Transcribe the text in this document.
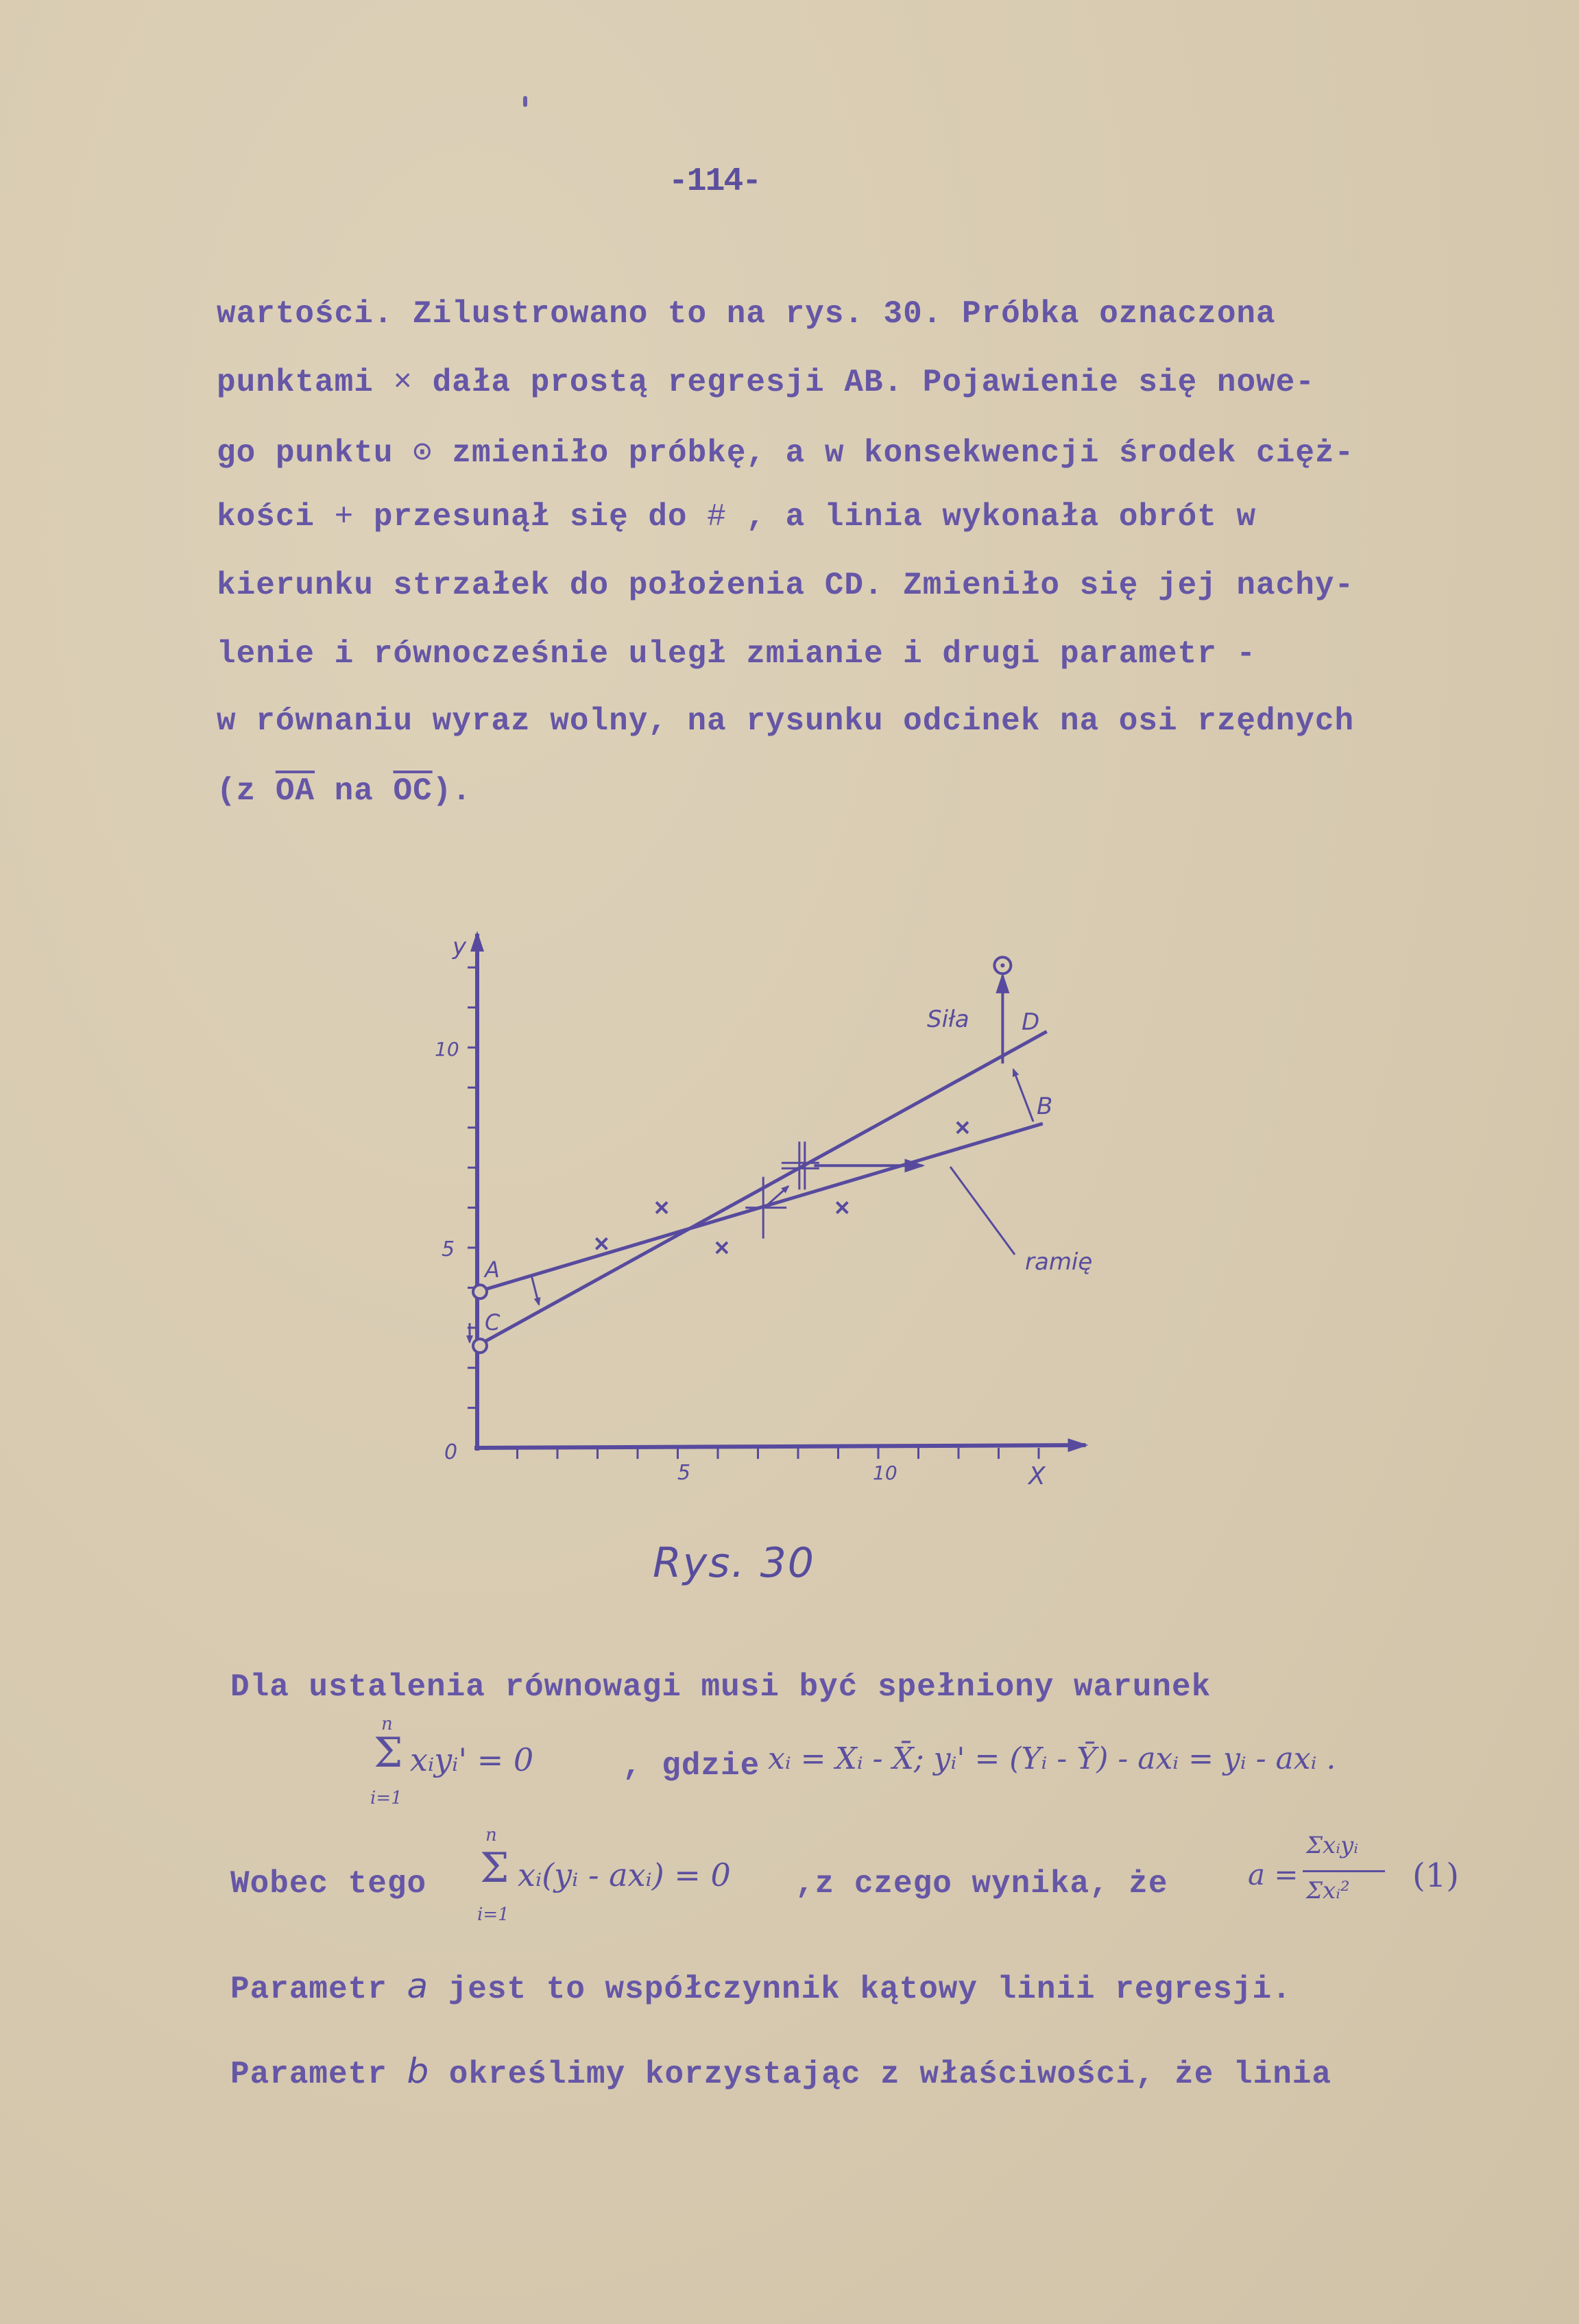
-114-
wartości. Zilustrowano to na rys. 30. Próbka oznaczona
punktami × dała prostą regresji AB. Pojawienie się nowe-
go punktu ⊙ zmieniło próbkę, a w konsekwencji środek cięż-
kości + przesunął się do # , a linia wykonała obrót w
kierunku strzałek do położenia CD. Zmieniło się jej nachy-
lenie i równocześnie uległ zmianie i drugi parametr -
w równaniu wyraz wolny, na rysunku odcinek na osi rzędnych
(z $\overline{OA}$ na $\overline{OC}$).
y
X
A
C
B
D
Siła
ramię
0
5
10
5	10
Rys. 30
Dla ustalenia równowagi musi być spełniony warunek
Σ
n
i=1
xᵢyᵢ' = 0	, gdzie xᵢ = Xᵢ - X̄; yᵢ' = (Yᵢ - Ȳ) - axᵢ = yᵢ - axᵢ .
Wobec tego Σ
n
i=1
xᵢ(yᵢ - axᵢ) = 0 ,z czego wynika, że	a =
Σxᵢyᵢ
Σxᵢ² (1)
Parametr a jest to współczynnik kątowy linii regresji.
Parametr b określimy korzystając z właściwości, że linia
